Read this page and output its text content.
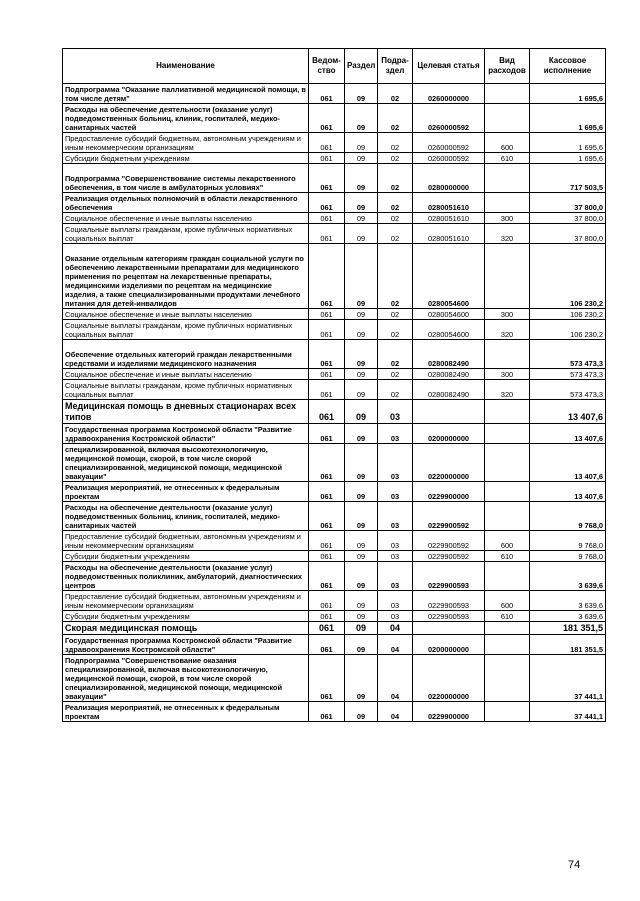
Наименование	Ведом-ство	Раздел	Подра-здел	Целевая статья	Вид расходов	Кассовое исполнение
Подпрограмма "Оказание паллиативной медицинской помощи, в том числе детям"	061	09	02	0260000000		1 695,6
Расходы на обеспечение деятельности (оказание услуг) подведомственных больниц, клиник, госпиталей, медико-санитарных частей	061	09	02	0260000592		1 695,6
Предоставление субсидий бюджетным, автономным учреждениям и иным некоммерческим организациям	061	09	02	0260000592	600	1 695,6
Субсидии бюджетным учреждениям	061	09	02	0260000592	610	1 695,6
Подпрограмма "Совершенствование системы лекарственного обеспечения, в том числе в амбулаторных условиях"	061	09	02	0280000000		717 503,5
Реализация отдельных полномочий в области лекарственного обеспечения	061	09	02	0280051610		37 800,0
Социальное обеспечение и иные выплаты населению	061	09	02	0280051610	300	37 800,0
Социальные выплаты гражданам, кроме публичных нормативных социальных выплат	061	09	02	0280051610	320	37 800,0
Оказание отдельным категориям граждан социальной услуги по обеспечению лекарственными препаратами для медицинского применения по рецептам на лекарственные препараты, медицинскими изделиями по рецептам на медицинские изделия, а также специализированными продуктами лечебного питания для детей-инвалидов	061	09	02	0280054600		106 230,2
Социальное обеспечение и иные выплаты населению	061	09	02	0280054600	300	106 230,2
Социальные выплаты гражданам, кроме публичных нормативных социальных выплат	061	09	02	0280054600	320	106 230,2
Обеспечение отдельных категорий граждан лекарственными средствами и изделиями медицинского назначения	061	09	02	0280082490		573 473,3
Социальное обеспечение и иные выплаты населению	061	09	02	0280082490	300	573 473,3
Социальные выплаты гражданам, кроме публичных нормативных социальных выплат	061	09	02	0280082490	320	573 473,3
Медицинская помощь в дневных стационарах всех типов	061	09	03			13 407,6
Государственная программа Костромской области "Развитие здравоохранения Костромской области"	061	09	03	0200000000		13 407,6
специализированной, включая высокотехнологичную, медицинской помощи, скорой, в том числе скорой специализированной, медицинской помощи, медицинской эвакуации"	061	09	03	0220000000		13 407,6
Реализация мероприятий, не отнесенных к федеральным проектам	061	09	03	0229900000		13 407,6
Расходы на обеспечение деятельности (оказание услуг) подведомственных больниц, клиник, госпиталей, медико-санитарных частей	061	09	03	0229900592		9 768,0
Предоставление субсидий бюджетным, автономным учреждениям и иным некоммерческим организациям	061	09	03	0229900592	600	9 768,0
Субсидии бюджетным учреждениям	061	09	03	0229900592	610	9 768,0
Расходы на обеспечение деятельности (оказание услуг) подведомственных поликлиник, амбулаторий, диагностических центров	061	09	03	0229900593		3 639,6
Предоставление субсидий бюджетным, автономным учреждениям и иным некоммерческим организациям	061	09	03	0229900593	600	3 639,6
Субсидии бюджетным учреждениям	061	09	03	0229900593	610	3 639,6
Скорая медицинская помощь	061	09	04			181 351,5
Государственная программа Костромской области "Развитие здравоохранения Костромской области"	061	09	04	0200000000		181 351,5
Подпрограмма "Совершенствование оказания специализированной, включая высокотехнологичную, медицинской помощи, скорой, в том числе скорой специализированной, медицинской помощи, медицинской эвакуации"	061	09	04	0220000000		37 441,1
Реализация мероприятий, не отнесенных к федеральным проектам	061	09	04	0229900000		37 441,1
74
